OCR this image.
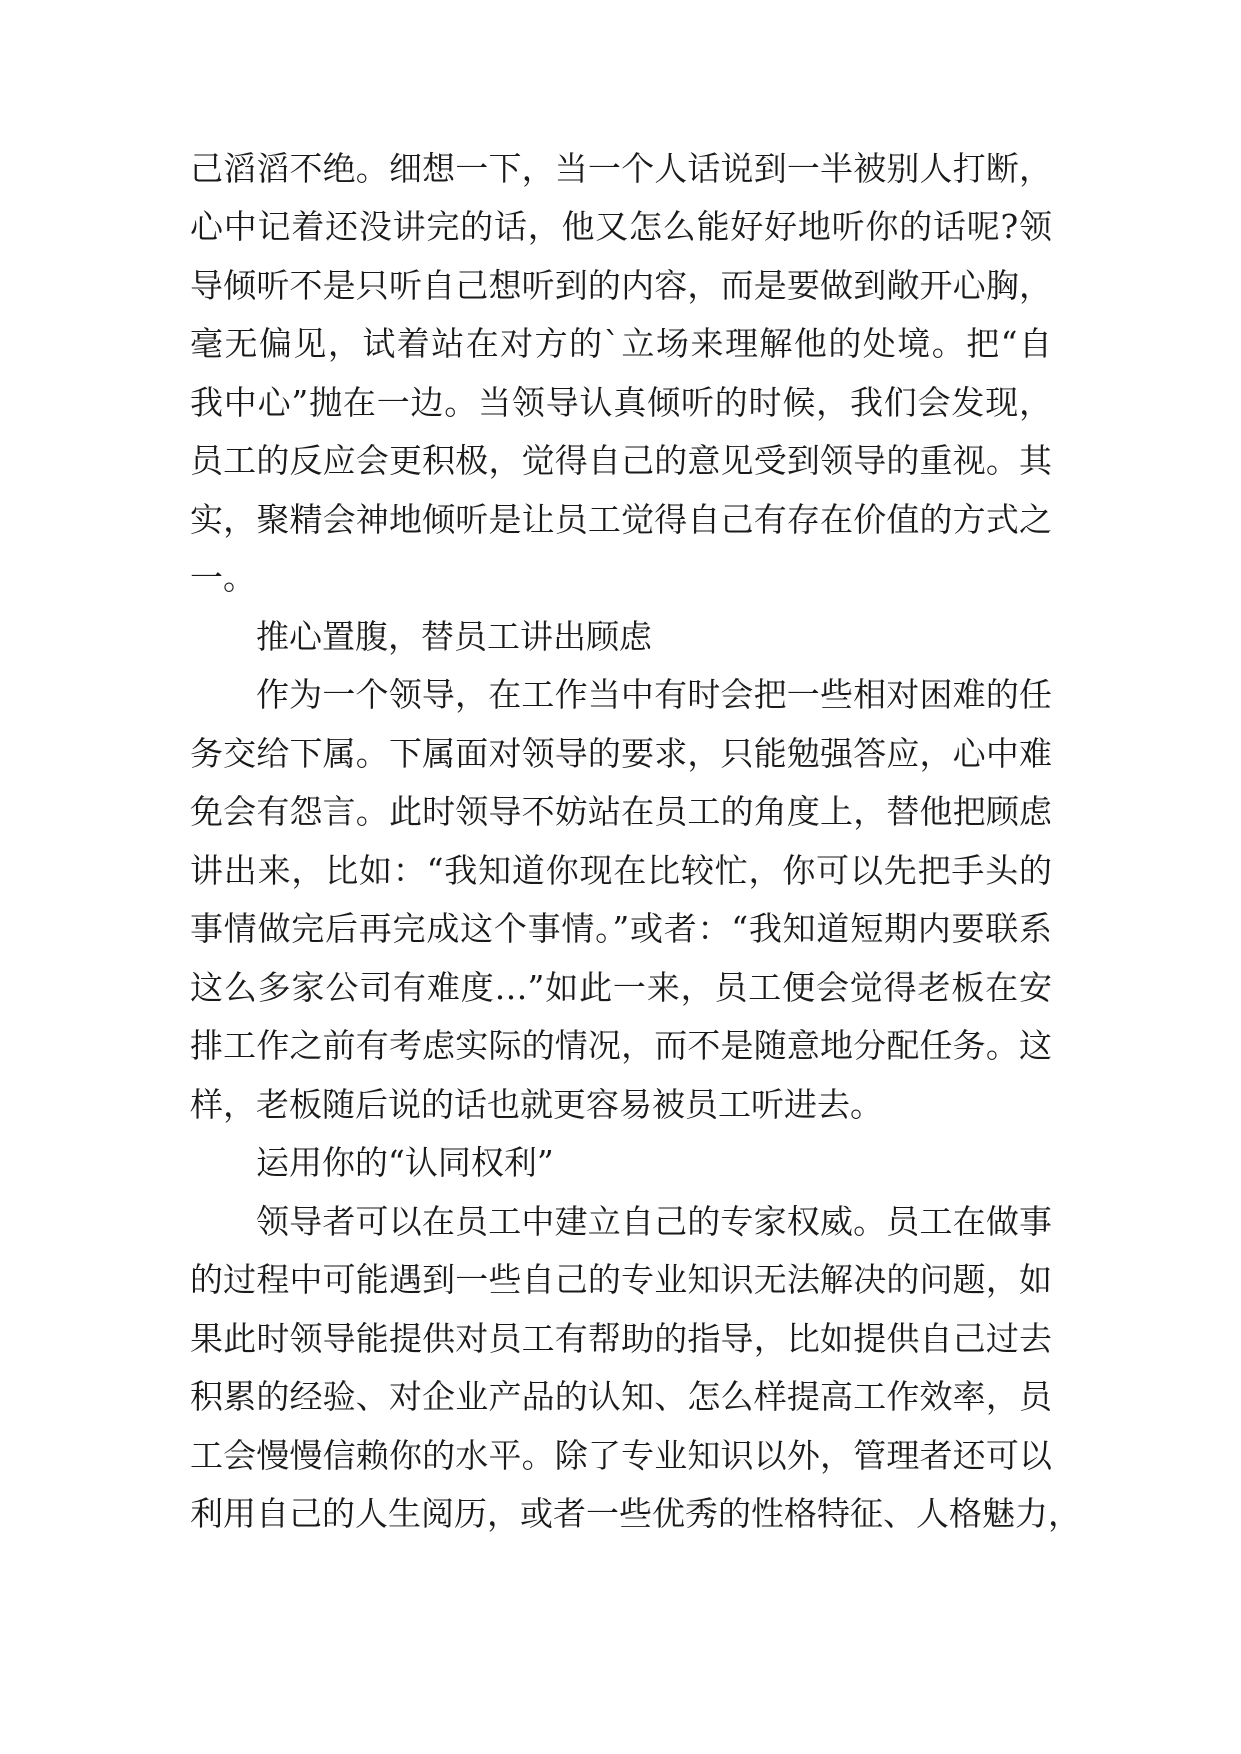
己滔滔不绝。细想一下，当一个人话说到一半被别人打断，

心中记着还没讲完的话，他又怎么能好好地听你的话呢?领

导倾听不是只听自己想听到的内容，而是要做到敞开心胸，

毫无偏见，试着站在对方的`立场来理解他的处境。把“自

我中心”抛在一边。当领导认真倾听的时候，我们会发现，

员工的反应会更积极，觉得自己的意见受到领导的重视。其

实，聚精会神地倾听是让员工觉得自己有存在价值的方式之

一。

推心置腹，替员工讲出顾虑

作为一个领导，在工作当中有时会把一些相对困难的任

务交给下属。下属面对领导的要求，只能勉强答应，心中难

免会有怨言。此时领导不妨站在员工的角度上，替他把顾虑

讲出来，比如：“我知道你现在比较忙，你可以先把手头的

事情做完后再完成这个事情。”或者：“我知道短期内要联系

这么多家公司有难度…”如此一来，员工便会觉得老板在安

排工作之前有考虑实际的情况，而不是随意地分配任务。这

样，老板随后说的话也就更容易被员工听进去。

运用你的“认同权利”

领导者可以在员工中建立自己的专家权威。员工在做事

的过程中可能遇到一些自己的专业知识无法解决的问题，如

果此时领导能提供对员工有帮助的指导，比如提供自己过去

积累的经验、对企业产品的认知、怎么样提高工作效率，员

工会慢慢信赖你的水平。除了专业知识以外，管理者还可以

利用自己的人生阅历，或者一些优秀的性格特征、人格魅力，
